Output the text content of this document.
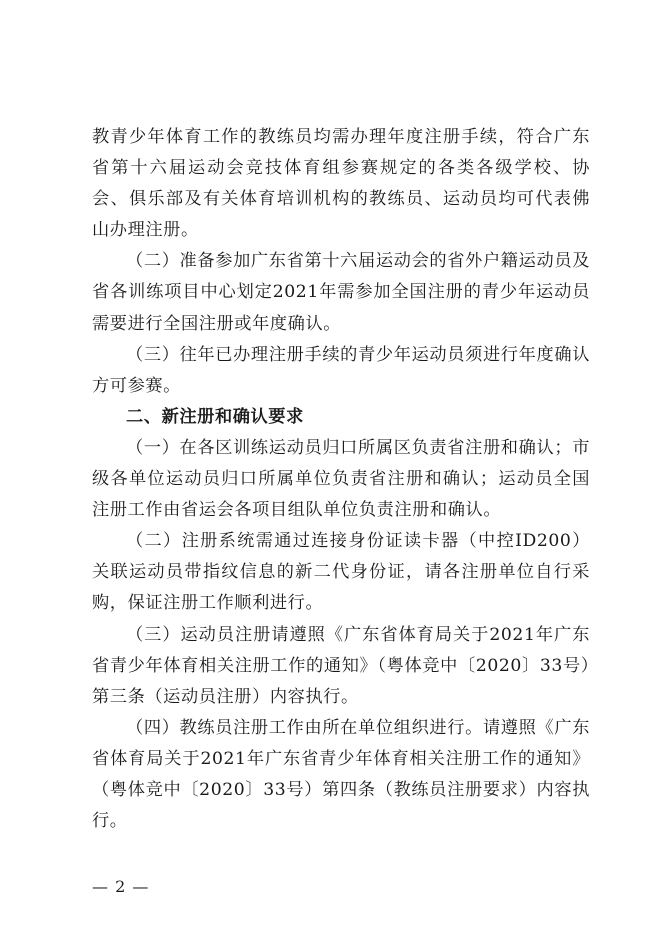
教青少年体育工作的教练员均需办理年度注册手续，符合广东省第十六届运动会竞技体育组参赛规定的各类各级学校、协会、俱乐部及有关体育培训机构的教练员、运动员均可代表佛山办理注册。

（二）准备参加广东省第十六届运动会的省外户籍运动员及省各训练项目中心划定2021年需参加全国注册的青少年运动员需要进行全国注册或年度确认。

（三）往年已办理注册手续的青少年运动员须进行年度确认方可参赛。

二、新注册和确认要求

（一）在各区训练运动员归口所属区负责省注册和确认；市级各单位运动员归口所属单位负责省注册和确认；运动员全国注册工作由省运会各项目组队单位负责注册和确认。

（二）注册系统需通过连接身份证读卡器（中控ID200）关联运动员带指纹信息的新二代身份证，请各注册单位自行采购，保证注册工作顺利进行。

（三）运动员注册请遵照《广东省体育局关于2021年广东省青少年体育相关注册工作的通知》（粤体竞中〔2020〕33号）第三条（运动员注册）内容执行。

（四）教练员注册工作由所在单位组织进行。请遵照《广东省体育局关于2021年广东省青少年体育相关注册工作的通知》（粤体竞中〔2020〕33号）第四条（教练员注册要求）内容执行。

— 2 —
